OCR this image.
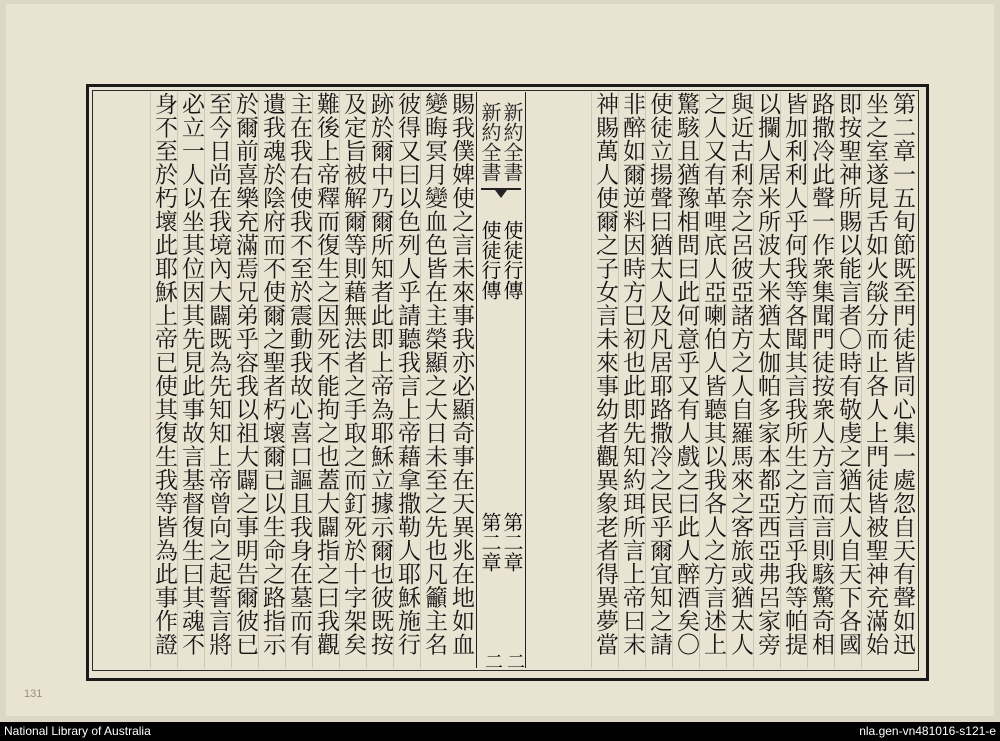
第二章一五旬節既至門徒皆同心集一處忽自天有聲如迅
坐之室遂見舌如火燄分而止各人上門徒皆被聖神充滿始
即按聖神所賜以能言者〇時有敬虔之猶太人自天下各國
路撒冷此聲一作衆集聞門徒按衆人方言而言則駭驚奇相
皆加利利人乎何我等各聞其言我所生之方言乎我等帕提
以攔人居米所波大米猶太伽帕多家本都亞西亞弗呂家旁
與近古利奈之呂彼亞諸方之人自羅馬來之客旅或猶太人
之人又有革哩底人亞喇伯人皆聽其以我各人之方言述上
驚駭且猶豫相問曰此何意乎又有人戲之曰此人醉酒矣〇
使徒立揚聲曰猶太人及凡居耶路撒冷之民乎爾宜知之請
非醉如爾逆料因時方巳初也此即先知約珥所言上帝曰末
神賜萬人使爾之子女言未來事幼者觀異象老者得異夢當
新約全書
新約全書
使徒行傳
使徒行傳
第二章
第二章
二 二
賜我僕婢使之言未來事我亦必顯奇事在天異兆在地如血
變晦冥月變血色皆在主榮顯之大日未至之先也凡籲主名
彼得又曰以色列人乎請聽我言上帝藉拿撒勒人耶穌施行
跡於爾中乃爾所知者此即上帝為耶穌立據示爾也彼既按
及定旨被解爾等則藉無法者之手取之而釘死於十字架矣
難後上帝釋而復生之因死不能拘之也蓋大闢指之曰我觀
主在我右使我不至於震動我故心喜口謳且我身在墓而有
遺我魂於陰府而不使爾之聖者朽壞爾已以生命之路指示
於爾前喜樂充滿焉兄弟乎容我以祖大闢之事明告爾彼已
至今日尚在我境內大闢既為先知知上帝曾向之起誓言將
必立一人以坐其位因其先見此事故言基督復生曰其魂不
身不至於朽壞此耶穌上帝已使其復生我等皆為此事作證
131
National Library of Australia	nla.gen-vn481016-s121-e
